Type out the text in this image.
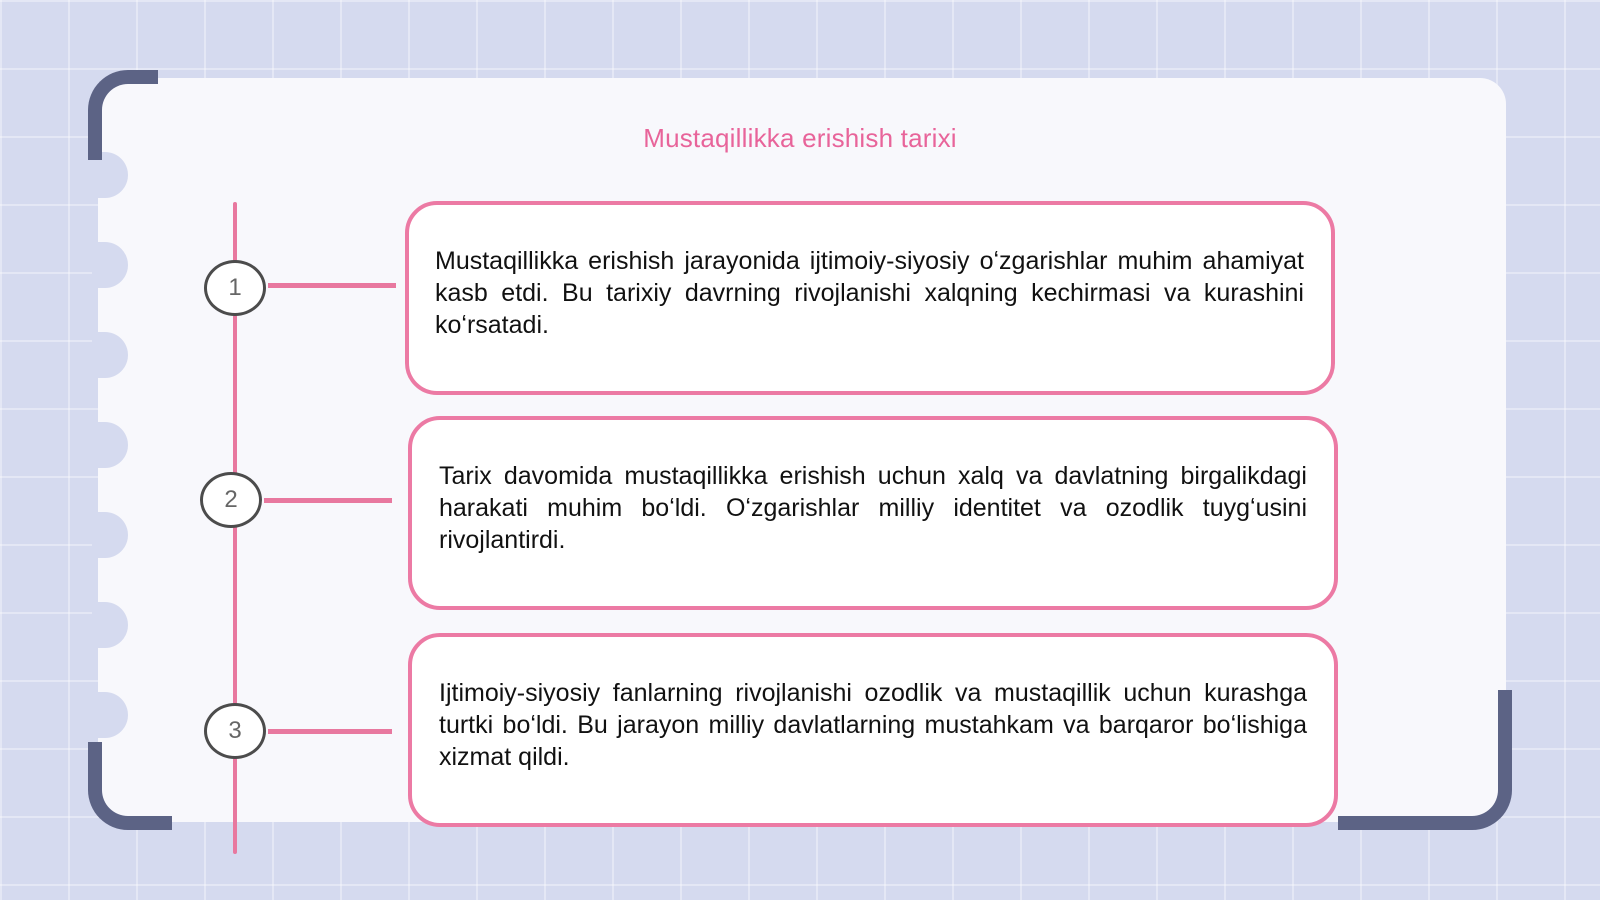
Mustaqillikka erishish tarixi
1
Mustaqillikka erishish jarayonida ijtimoiy-siyosiy oʻzgarishlar muhim ahamiyat kasb etdi. Bu tarixiy davrning rivojlanishi xalqning kechirmasi va kurashini koʻrsatadi.
2
Tarix davomida mustaqillikka erishish uchun xalq va davlatning birgalikdagi harakati muhim boʻldi. Oʻzgarishlar milliy identitet va ozodlik tuygʻusini rivojlantirdi.
3
Ijtimoiy-siyosiy fanlarning rivojlanishi ozodlik va mustaqillik uchun kurashga turtki boʻldi. Bu jarayon milliy davlatlarning mustahkam va barqaror boʻlishiga xizmat qildi.
